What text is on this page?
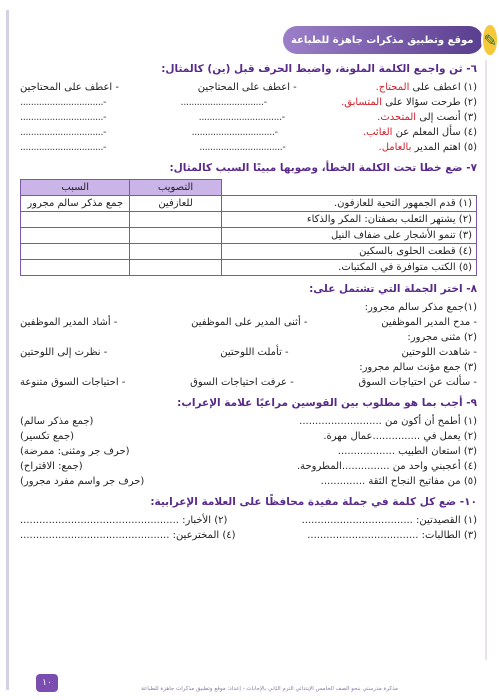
✎
موقع وتطبيق مذكرات جاهزة للطباعة
٦- ثن واجمع الكلمة الملونة، واضبط الحرف قبل (ين) كالمثال:
(١) اعطف على المحتاج.
- اعطف على المحتاجين
- اعطف على المحتاجين
(٢) طرحت سؤالا على المتسابق.
-...............................
-...............................
(٣) أنصت إلى المتحدث.
-...............................
-...............................
(٤) سأل المعلم عن الغائب.
-...............................
-...............................
(٥) اهتم المدير بالعامل.
-...............................
-...............................
٧- ضع خطا تحت الكلمة الخطأ، وصوبها مبينًا السبب كالمثال:
	التصويب	السبب
(١) قدم الجمهور التحية للعازفون.	للعازفين	جمع مذكر سالم مجرور
(٢) يشتهر الثعلب بصفتان: المكر والذكاء		
(٣) تنمو الأشجار على ضفاف النيل		
(٤) قطعت الحلوى بالسكين		
(٥) الكتب متوافرة في المكتبات.		
٨- اختر الجملة التي تشتمل على:
(١)جمع مذكر سالم مجرور:
- مدح المدير الموظفين
- أثنى المدير على الموظفين
- أشاد المدير الموظفين
(٢) مثنى مجرور:
- شاهدت اللوحتين
- تأملت اللوحتين
- نظرت إلى اللوحتين
(٣) جمع مؤنث سالم مجرور:
- سألت عن احتياجات السوق
- عرفت احتياجات السوق
- احتياجات السوق متنوعة
٩- أجب بما هو مطلوب بين القوسين مراعيًا علامة الإعراب:
(١) أطمح أن أكون من ..........................
(جمع مذكر سالم)
(٢) يعمل في ...............عمال مهرة.
(جمع تكسير)
(٣) استعان الطبيب ..................
(حرف جر ومثنى: ممرضة)
(٤) أعجبني واحد من ...............المطروحة.
(جمع: الاقتراح)
(٥) من مفاتيح النجاح الثقة ..............
(حرف جر واسم مفرد مجرور)
١٠- ضع كل كلمة في جملة مفيدة محافظًا على العلامة الإعرابية:
(١) القصيدتين: ...................................
(٢) الأخبار: ..................................................
(٣) الطالبات: ...................................
(٤) المخترعين: ...............................................
١٠
مذكرة مدرستي بنحو الصف الخامس الإبتدائي الترم الثاني بالإجابات - إعداد: موقع وتطبيق مذكرات جاهزة للطباعة
